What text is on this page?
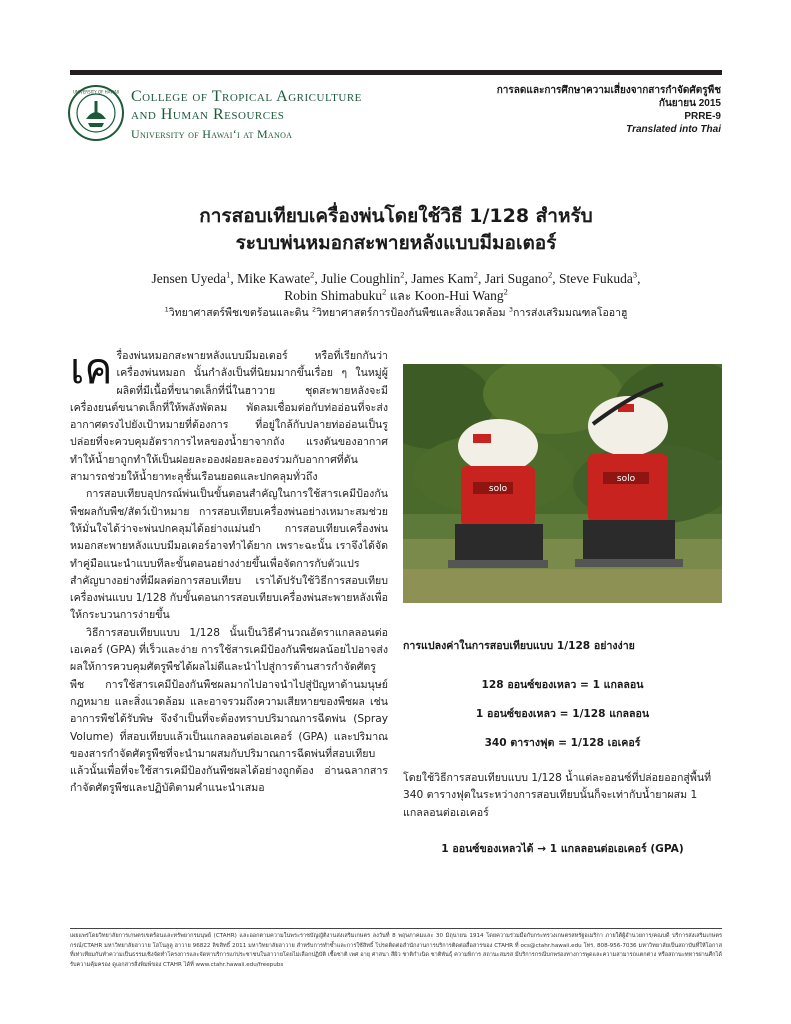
UNIVERSITY OF HAWAII College of Tropical Agriculture
and Human Resources
University of Hawai‘i at Manoa
การลดและการศึกษาความเสี่ยงจากสารกำจัดศัตรูพืช
กันยายน 2015
PRRE-9
Translated into Thai
การสอบเทียบเครื่องพ่นโดยใช้วิธี 1/128 สำหรับ
ระบบพ่นหมอกสะพายหลังแบบมีมอเตอร์
Jensen Uyeda$^1$, Mike Kawate$^2$, Julie Coughlin$^2$, James Kam$^2$, Jari Sugano$^2$, Steve Fukuda$^3$,
Robin Shimabuku$^2$ และ Koon-Hui Wang$^2$
$^1$วิทยาศาสตร์พืชเขตร้อนและดิน $^2$วิทยาศาสตร์การป้องกันพืชและสิ่งแวดล้อม $^3$การส่งเสริมมณฑลโออาฮู

เค รื่องพ่นหมอกสะพายหลังแบบมีมอเตอร์ หรือที่เรียกกันว่า เครื่องพ่นหมอก นั้นกำลังเป็นที่นิยมมากขึ้นเรื่อย ๆ ในหมู่ผู้ผลิตที่มีเนื้อที่ขนาดเล็กที่นี่ในฮาวาย ชุดสะพายหลังจะมีเครื่องยนต์ขนาดเล็กที่ให้พลังพัดลม พัดลมเชื่อมต่อกับท่ออ่อนที่จะส่งอากาศตรงไปยังเป้าหมายที่ต้องการ ที่อยู่ใกล้กับปลายท่ออ่อนเป็นรูปล่อยที่จะควบคุมอัตราการไหลของน้ำยาจากถัง แรงดันของอากาศทำให้น้ำยาถูกทำให้เป็นฝอยละอองฝอยละอองร่วมกับอากาศที่ดันสามารถช่วยให้น้ำยาทะลุชั้นเรือนยอดและปกคลุมทั่วถึง

การสอบเทียบอุปกรณ์พ่นเป็นขั้นตอนสำคัญในการใช้สารเคมีป้องกันพืชผลกับพืช/สัตว์เป้าหมาย การสอบเทียบเครื่องพ่นอย่างเหมาะสมช่วยให้มั่นใจได้ว่าจะพ่นปกคลุมได้อย่างแม่นยำ การสอบเทียบเครื่องพ่นหมอกสะพายหลังแบบมีมอเตอร์อาจทำได้ยาก เพราะฉะนั้น เราจึงได้จัดทำคู่มือแนะนำแบบทีละขั้นตอนอย่างง่ายขึ้นเพื่อจัดการกับตัวแปรสำคัญบางอย่างที่มีผลต่อการสอบเทียบ เราได้ปรับใช้วิธีการสอบเทียบเครื่องพ่นแบบ 1/128 กับขั้นตอนการสอบเทียบเครื่องพ่นสะพายหลังเพื่อให้กระบวนการง่ายขึ้น

วิธีการสอบเทียบแบบ 1/128 นั้นเป็นวิธีคำนวณอัตราแกลลอนต่อเอเคอร์ (GPA) ที่เร็วและง่าย การใช้สารเคมีป้องกันพืชผลน้อยไปอาจส่งผลให้การควบคุมศัตรูพืชได้ผลไม่ดีและนำไปสู่การต้านสารกำจัดศัตรูพืช การใช้สารเคมีป้องกันพืชผลมากไปอาจนำไปสู่ปัญหาด้านมนุษย์ กฎหมาย และสิ่งแวดล้อม และอาจรวมถึงความเสียหายของพืชผล เช่น อาการพืชได้รับพิษ จึงจำเป็นที่จะต้องทราบปริมาณการฉีดพ่น (Spray Volume) ที่สอบเทียบแล้วเป็นแกลลอนต่อเอเคอร์ (GPA) และปริมาณของสารกำจัดศัตรูพืชที่จะนำมาผสมกับปริมาณการฉีดพ่นที่สอบเทียบแล้วนั้นเพื่อที่จะใช้สารเคมีป้องกันพืชผลได้อย่างถูกต้อง อ่านฉลากสารกำจัดศัตรูพืชและปฏิบัติตามคำแนะนำเสมอ

solo
solo
การแปลงค่าในการสอบเทียบแบบ 1/128 อย่างง่าย
128 ออนซ์ของเหลว = 1 แกลลอน
1 ออนซ์ของเหลว = 1/128 แกลลอน
340 ตารางฟุต = 1/128 เอเคอร์
โดยใช้วิธีการสอบเทียบแบบ 1/128 น้ำแต่ละออนซ์ที่ปล่อยออกสู่พื้นที่ 340 ตารางฟุตในระหว่างการสอบเทียบนั้นก็จะเท่ากับน้ำยาผสม 1 แกลลอนต่อเอเคอร์
1 ออนซ์ของเหลวได้ → 1 แกลลอนต่อเอเคอร์ (GPA)
เผยแพร่โดยวิทยาลัยการเกษตรเขตร้อนและทรัพยากรมนุษย์ (CTAHR) และออกตามความในพระราชบัญญัติงานส่งเสริมเกษตร ลงวันที่ 8 พฤษภาคมและ 30 มิถุนายน 1914 โดยความร่วมมือกับกระทรวงเกษตรสหรัฐอเมริกา ภายใต้ผู้อำนวยการ/คณบดี บริการส่งเสริมเกษตรกรณ์/CTAHR มหาวิทยาลัยฮาวาย โฮโนลูลู ฮาวาย 96822 ลิขสิทธิ์ 2011 มหาวิทยาลัยฮาวาย สำหรับการทำซ้ำและการใช้สิทธิ์ โปรดติดต่อสำนักงานการบริการติดต่อสื่อสารของ CTAHR ที่ ocs@ctahr.hawaii.edu โทร. 808-956-7036 มหาวิทยาลัยเป็นสถาบันที่ให้โอกาสที่เท่าเทียมกันทำความเป็นธรรมเชิงจัดทำโครงการและจัดหาบริการแก่ประชาชนในฮาวายโดยไม่เลือกปฏิบัติ เชื้อชาติ เพศ อายุ ศาสนา สีผิว ชาติกำเนิด ชาติพันธุ์ ความพิการ สถานะสมรส มีบริการกรณีบกพร่องทางการพูดและความสามารถแตกต่าง หรือสถานะทหารผ่านศึกได้รับความคุ้มครอง ดูเอกสารสิ่งพิมพ์ของ CTAHR ได้ที่ www.ctahr.hawaii.edu/freepubs
